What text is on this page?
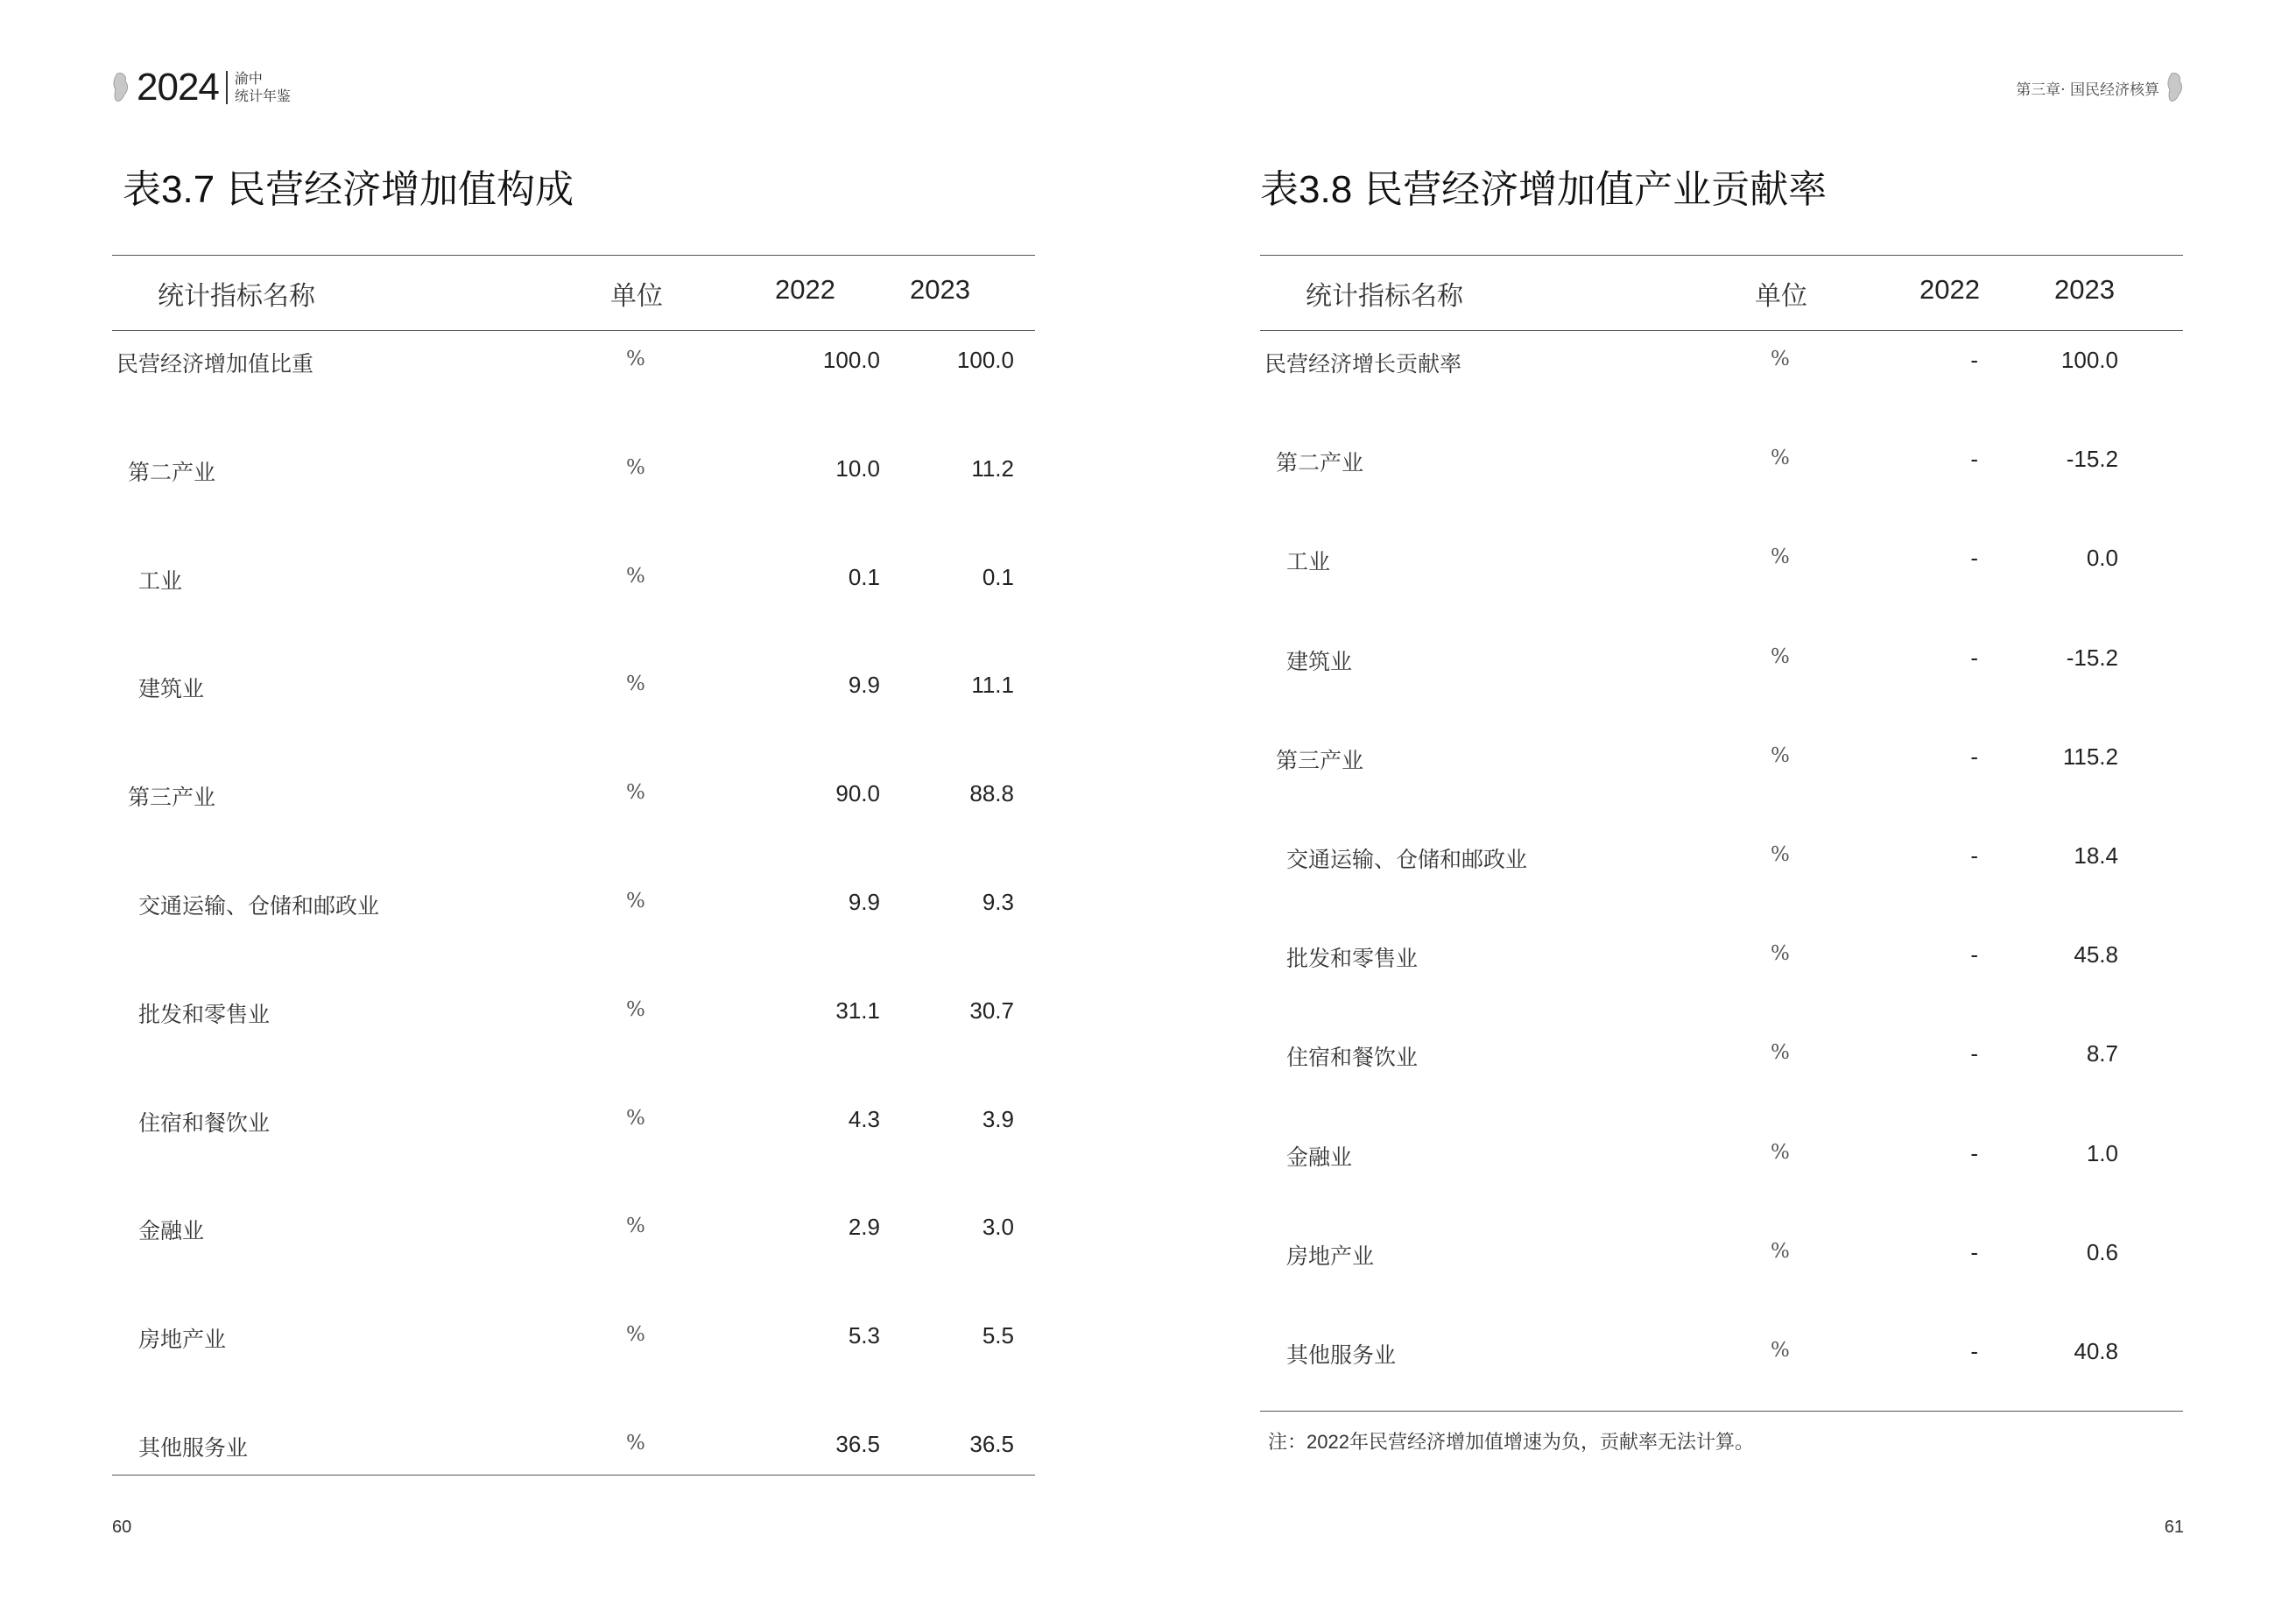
2024 渝中
统计年鉴
表3.7 民营经济增加值构成
统计指标名称	单位	2022	2023
民营经济增加值比重	%	100.0	100.0
第二产业	%	10.0	11.2
工业	%	0.1	0.1
建筑业	%	9.9	11.1
第三产业	%	90.0	88.8
交通运输、仓储和邮政业	%	9.9	9.3
批发和零售业	%	31.1	30.7
住宿和餐饮业	%	4.3	3.9
金融业	%	2.9	3.0
房地产业	%	5.3	5.5
其他服务业	%	36.5	36.5
60
第三章· 国民经济核算
表3.8 民营经济增加值产业贡献率
统计指标名称	单位	2022	2023
民营经济增长贡献率	%	-	100.0
第二产业	%	-	-15.2
工业	%	-	0.0
建筑业	%	-	-15.2
第三产业	%	-	115.2
交通运输、仓储和邮政业	%	-	18.4
批发和零售业	%	-	45.8
住宿和餐饮业	%	-	8.7
金融业	%	-	1.0
房地产业	%	-	0.6
其他服务业	%	-	40.8
注：2022年民营经济增加值增速为负，贡献率无法计算。
61
